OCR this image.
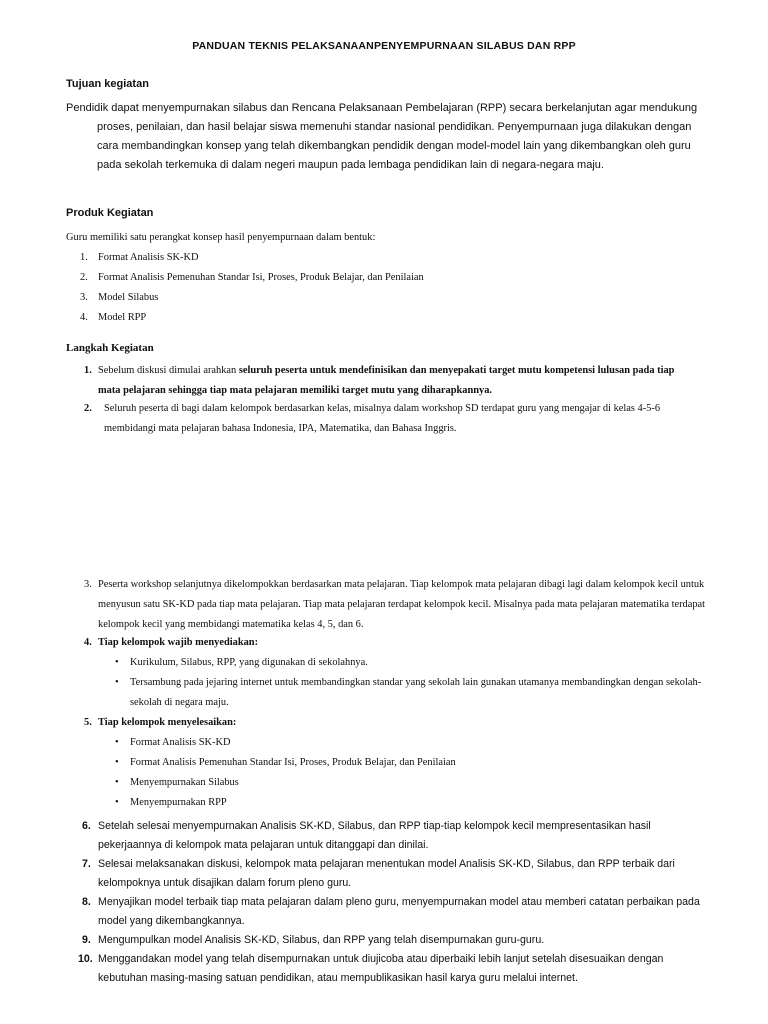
PANDUAN TEKNIS PELAKSANAANPENYEMPURNAAN SILABUS DAN RPP
Tujuan kegiatan
Pendidik dapat menyempurnakan silabus dan Rencana Pelaksanaan Pembelajaran (RPP) secara berkelanjutan agar mendukung
proses, penilaian, dan hasil belajar siswa memenuhi standar nasional pendidikan. Penyempurnaan juga dilakukan dengan cara membandingkan konsep yang telah dikembangkan pendidik dengan model-model lain yang dikembangkan oleh guru pada sekolah terkemuka di dalam negeri maupun pada lembaga pendidikan lain di negara-negara maju.
Produk Kegiatan
Guru memiliki satu perangkat konsep hasil penyempurnaan dalam bentuk:
1. Format Analisis SK-KD
2. Format Analisis Pemenuhan Standar Isi, Proses, Produk Belajar, dan Penilaian
3. Model Silabus
4. Model RPP
Langkah Kegiatan
1. Sebelum diskusi dimulai arahkan seluruh peserta untuk mendefinisikan dan menyepakati target mutu kompetensi lulusan pada tiap mata pelajaran sehingga tiap mata pelajaran memiliki target mutu yang diharapkannya.
2. Seluruh peserta di bagi dalam kelompok berdasarkan kelas, misalnya dalam workshop SD terdapat guru yang mengajar di kelas 4-5-6 membidangi mata pelajaran bahasa Indonesia, IPA, Matematika, dan Bahasa Inggris.
3. Peserta workshop selanjutnya dikelompokkan berdasarkan mata pelajaran. Tiap kelompok mata pelajaran dibagi lagi dalam kelompok kecil untuk menyusun satu SK-KD pada tiap mata pelajaran. Tiap mata pelajaran terdapat kelompok kecil. Misalnya pada mata pelajaran matematika terdapat kelompok kecil yang membidangi matematika kelas 4, 5, dan 6.
4. Tiap kelompok wajib menyediakan:
• Kurikulum, Silabus, RPP, yang digunakan di sekolahnya.
• Tersambung pada jejaring internet untuk membandingkan standar yang sekolah lain gunakan utamanya membandingkan dengan sekolah-sekolah di negara maju.
5. Tiap kelompok menyelesaikan:
• Format Analisis SK-KD
• Format Analisis Pemenuhan Standar Isi, Proses, Produk Belajar, dan Penilaian
• Menyempurnakan Silabus
• Menyempurnakan RPP
6. Setelah selesai menyempurnakan Analisis SK-KD, Silabus, dan RPP tiap-tiap kelompok kecil mempresentasikan hasil pekerjaannya di kelompok mata pelajaran untuk ditanggapi dan dinilai.
7. Selesai melaksanakan diskusi, kelompok mata pelajaran menentukan model Analisis SK-KD, Silabus, dan RPP terbaik dari kelompoknya untuk disajikan dalam forum pleno guru.
8. Menyajikan model terbaik tiap mata pelajaran dalam pleno guru, menyempurnakan model atau memberi catatan perbaikan pada model yang dikembangkannya.
9. Mengumpulkan model Analisis SK-KD, Silabus, dan RPP yang telah disempurnakan guru-guru.
10. Menggandakan model yang telah disempurnakan untuk diujicoba atau diperbaiki lebih lanjut setelah disesuaikan dengan kebutuhan masing-masing satuan pendidikan, atau mempublikasikan hasil karya guru melalui internet.
